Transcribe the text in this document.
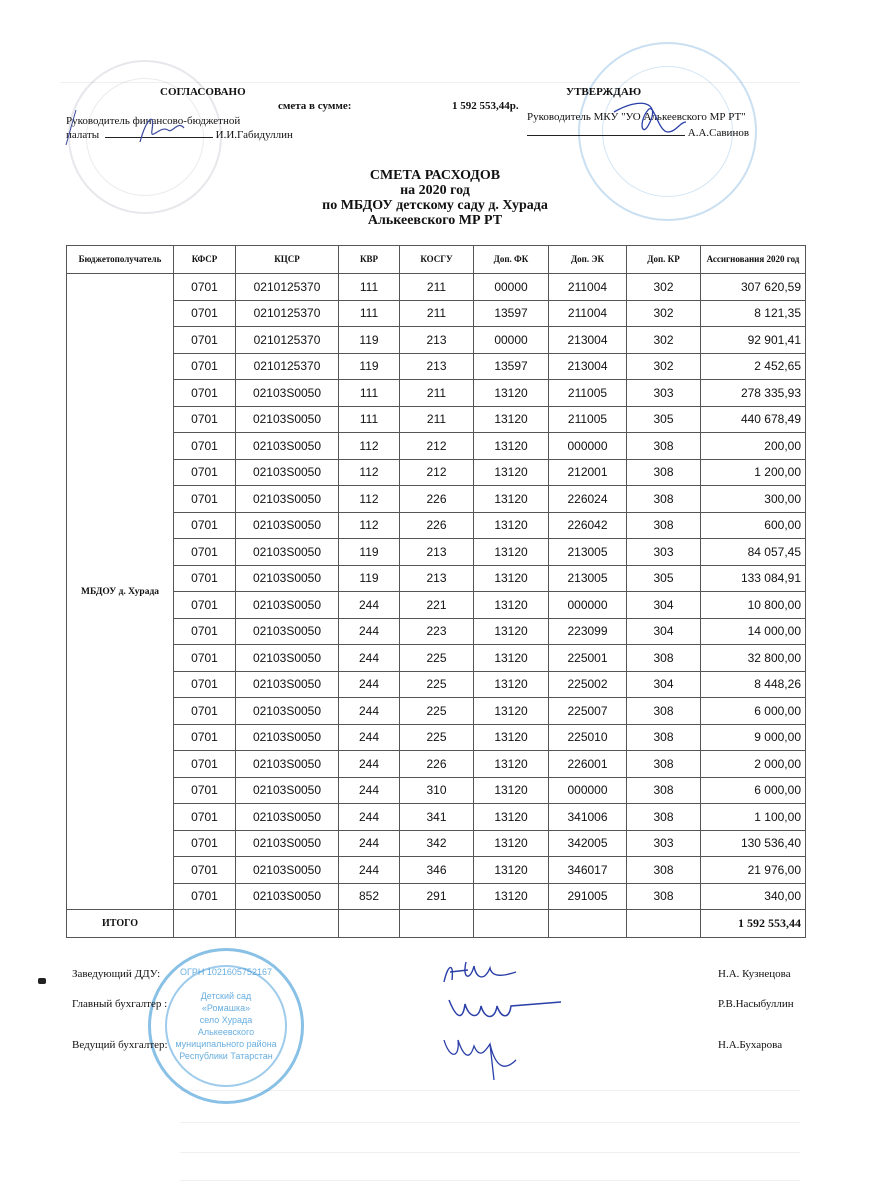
СОГЛАСОВАНО
Руководитель финансово-бюджетной
палаты	И.И.Габидуллин
смета в сумме:	1 592 553,44р.
УТВЕРЖДАЮ
Руководитель МКУ "УО Алькеевского МР РТ"
А.А.Савинов
СМЕТА РАСХОДОВ
на 2020 год
по МБДОУ детскому саду д. Хурада
Алькеевского МР РТ
Бюджетополучатель	КФСР	КЦСР	КВР	КОСГУ	Доп. ФК	Доп. ЭК	Доп. КР	Ассигнования 2020 год
МБДОУ д. Хурада	0701	0210125370	111	211	00000	211004	302	307 620,59
	0701	0210125370	111	211	13597	211004	302	8 121,35
	0701	0210125370	119	213	00000	213004	302	92 901,41
	0701	0210125370	119	213	13597	213004	302	2 452,65
	0701	02103S0050	111	211	13120	211005	303	278 335,93
	0701	02103S0050	111	211	13120	211005	305	440 678,49
	0701	02103S0050	112	212	13120	000000	308	200,00
	0701	02103S0050	112	212	13120	212001	308	1 200,00
	0701	02103S0050	112	226	13120	226024	308	300,00
	0701	02103S0050	112	226	13120	226042	308	600,00
	0701	02103S0050	119	213	13120	213005	303	84 057,45
	0701	02103S0050	119	213	13120	213005	305	133 084,91
	0701	02103S0050	244	221	13120	000000	304	10 800,00
	0701	02103S0050	244	223	13120	223099	304	14 000,00
	0701	02103S0050	244	225	13120	225001	308	32 800,00
	0701	02103S0050	244	225	13120	225002	304	8 448,26
	0701	02103S0050	244	225	13120	225007	308	6 000,00
	0701	02103S0050	244	225	13120	225010	308	9 000,00
	0701	02103S0050	244	226	13120	226001	308	2 000,00
	0701	02103S0050	244	310	13120	000000	308	6 000,00
	0701	02103S0050	244	341	13120	341006	308	1 100,00
	0701	02103S0050	244	342	13120	342005	303	130 536,40
	0701	02103S0050	244	346	13120	346017	308	21 976,00
	0701	02103S0050	852	291	13120	291005	308	340,00
ИТОГО								1 592 553,44
ОГРН 1021605752167
Детский сад
«Ромашка»
село Хурада
Алькеевского
муниципального района
Республики Татарстан
Заведующий ДДУ:	Н.А. Кузнецова
Главный бухгалтер :	Р.В.Насыбуллин
Ведущий бухгалтер:	Н.А.Бухарова
